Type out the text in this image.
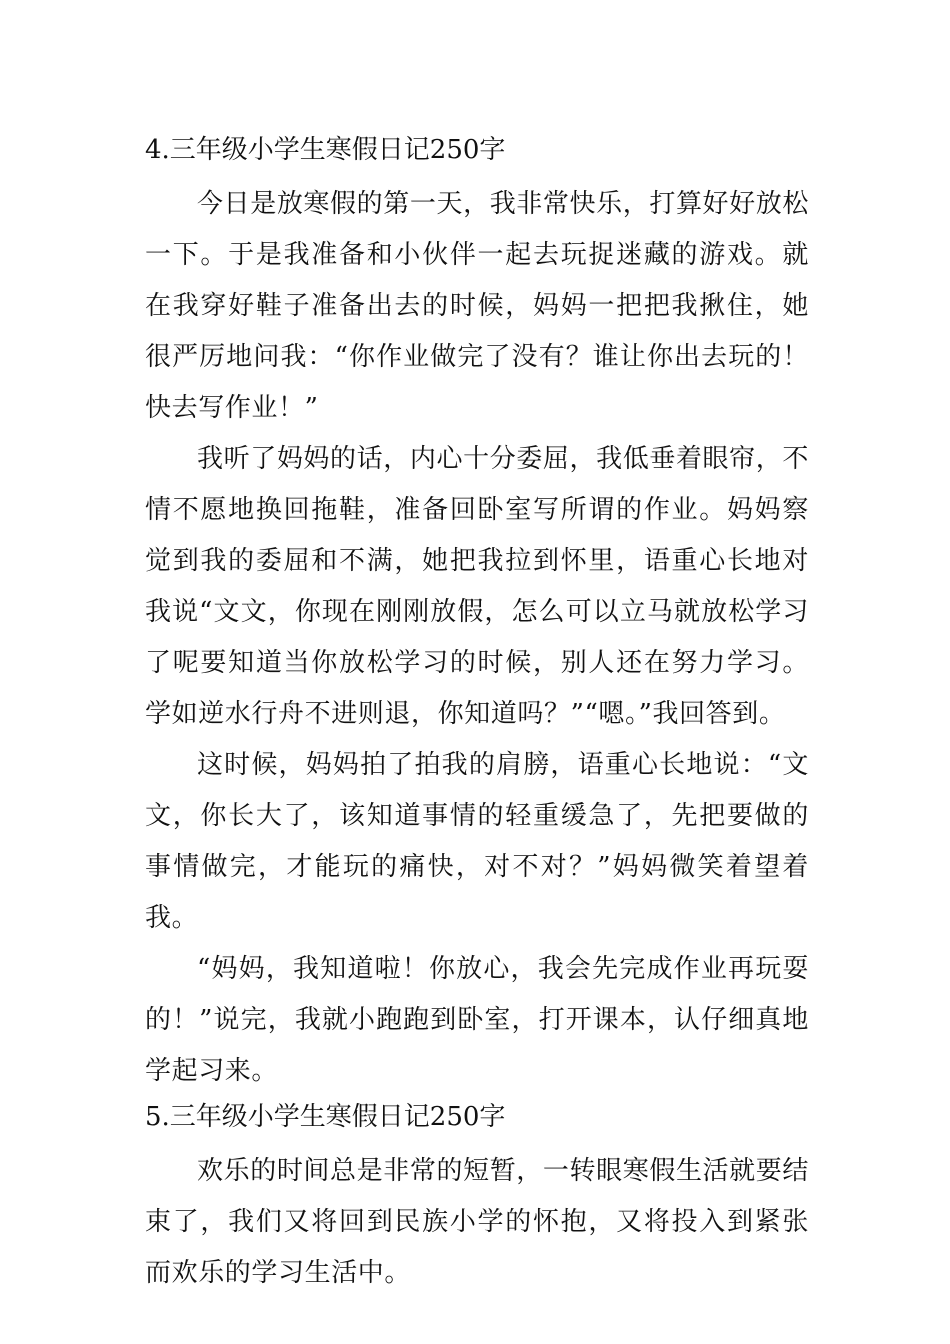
4.三年级小学生寒假日记250字

今日是放寒假的第一天，我非常快乐，打算好好放松一下。于是我准备和小伙伴一起去玩捉迷藏的游戏。就在我穿好鞋子准备出去的时候，妈妈一把把我揪住，她很严厉地问我：“你作业做完了没有？谁让你出去玩的！快去写作业！”

我听了妈妈的话，内心十分委屈，我低垂着眼帘，不情不愿地换回拖鞋，准备回卧室写所谓的作业。妈妈察觉到我的委屈和不满，她把我拉到怀里，语重心长地对我说“文文，你现在刚刚放假，怎么可以立马就放松学习了呢要知道当你放松学习的时候，别人还在努力学习。学如逆水行舟不进则退，你知道吗？”“嗯。”我回答到。

这时候，妈妈拍了拍我的肩膀，语重心长地说：“文文，你长大了，该知道事情的轻重缓急了，先把要做的事情做完，才能玩的痛快，对不对？”妈妈微笑着望着我。

“妈妈，我知道啦！你放心，我会先完成作业再玩耍的！”说完，我就小跑跑到卧室，打开课本，认仔细真地学起习来。

5.三年级小学生寒假日记250字

欢乐的时间总是非常的短暂，一转眼寒假生活就要结束了，我们又将回到民族小学的怀抱，又将投入到紧张而欢乐的学习生活中。
